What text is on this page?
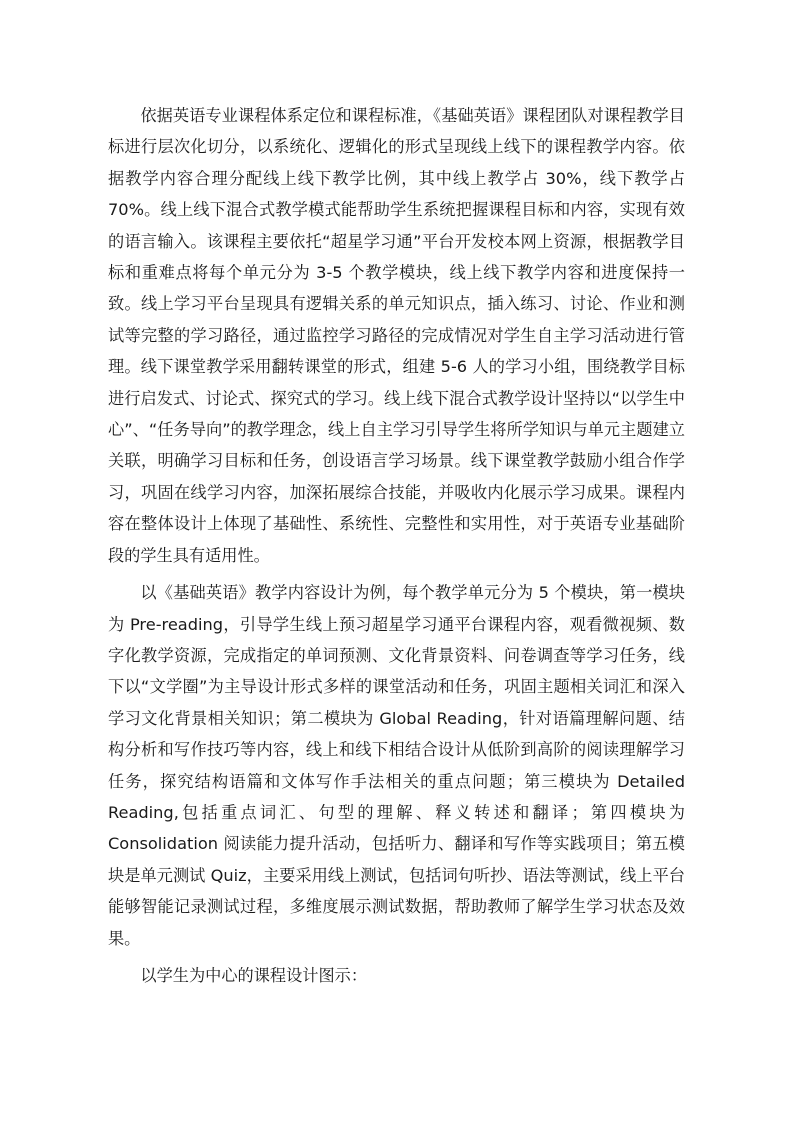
依据英语专业课程体系定位和课程标准，《基础英语》课程团队对课程教学目标进行层次化切分，以系统化、逻辑化的形式呈现线上线下的课程教学内容。依据教学内容合理分配线上线下教学比例，其中线上教学占 30%，线下教学占 70%。线上线下混合式教学模式能帮助学生系统把握课程目标和内容，实现有效的语言输入。该课程主要依托“超星学习通”平台开发校本网上资源，根据教学目标和重难点将每个单元分为 3-5 个教学模块，线上线下教学内容和进度保持一致。线上学习平台呈现具有逻辑关系的单元知识点，插入练习、讨论、作业和测试等完整的学习路径，通过监控学习路径的完成情况对学生自主学习活动进行管理。线下课堂教学采用翻转课堂的形式，组建 5-6 人的学习小组，围绕教学目标进行启发式、讨论式、探究式的学习。线上线下混合式教学设计坚持以“以学生中心”、“任务导向”的教学理念，线上自主学习引导学生将所学知识与单元主题建立关联，明确学习目标和任务，创设语言学习场景。线下课堂教学鼓励小组合作学习，巩固在线学习内容，加深拓展综合技能，并吸收内化展示学习成果。课程内容在整体设计上体现了基础性、系统性、完整性和实用性，对于英语专业基础阶段的学生具有适用性。

以《基础英语》教学内容设计为例，每个教学单元分为 5 个模块，第一模块为 Pre-reading，引导学生线上预习超星学习通平台课程内容，观看微视频、数字化教学资源，完成指定的单词预测、文化背景资料、问卷调查等学习任务，线下以“文学圈”为主导设计形式多样的课堂活动和任务，巩固主题相关词汇和深入学习文化背景相关知识；第二模块为 Global Reading，针对语篇理解问题、结构分析和写作技巧等内容，线上和线下相结合设计从低阶到高阶的阅读理解学习任务，探究结构语篇和文体写作手法相关的重点问题；第三模块为 Detailed Reading,包括重点词汇、句型的理解、释义转述和翻译；第四模块为 Consolidation 阅读能力提升活动，包括听力、翻译和写作等实践项目；第五模块是单元测试 Quiz，主要采用线上测试，包括词句听抄、语法等测试，线上平台能够智能记录测试过程，多维度展示测试数据，帮助教师了解学生学习状态及效果。

以学生为中心的课程设计图示：
